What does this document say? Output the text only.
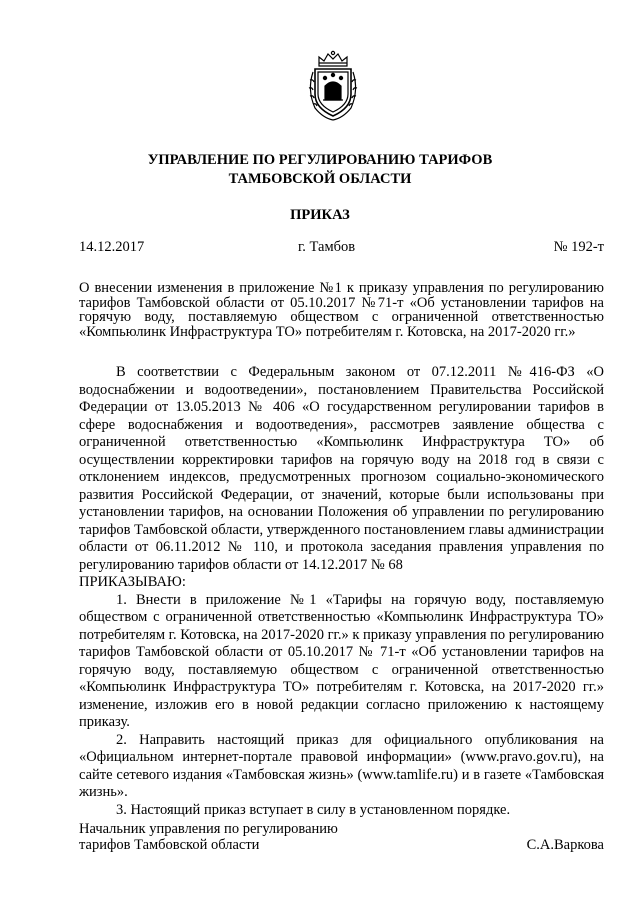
УПРАВЛЕНИЕ ПО РЕГУЛИРОВАНИЮ ТАРИФОВ
ТАМБОВСКОЙ ОБЛАСТИ
ПРИКАЗ
14.12.2017	г. Тамбов	№ 192-т
О внесении изменения в приложение №1 к приказу управления по регулированию тарифов Тамбовской области от 05.10.2017 №71-т «Об установлении тарифов на горячую воду, поставляемую обществом с ограниченной ответственностью «Компьюлинк Инфраструктура ТО» потребителям г. Котовска, на 2017-2020 гг.»

В соответствии с Федеральным законом от 07.12.2011 №416-ФЗ «О водоснабжении и водоотведении», постановлением Правительства Российской Федерации от 13.05.2013 № 406 «О государственном регулировании тарифов в сфере водоснабжения и водоотведения», рассмотрев заявление общества с ограниченной ответственностью «Компьюлинк Инфраструктура ТО» об осуществлении корректировки тарифов на горячую воду на 2018 год в связи с отклонением индексов, предусмотренных прогнозом социально-экономического развития Российской Федерации, от значений, которые были использованы при установлении тарифов, на основании Положения об управлении по регулированию тарифов Тамбовской области, утвержденного постановлением главы администрации области от 06.11.2012 № 110, и протокола заседания правления управления по регулированию тарифов области от 14.12.2017 № 68

ПРИКАЗЫВАЮ:

1. Внести в приложение №1 «Тарифы на горячую воду, поставляемую обществом с ограниченной ответственностью «Компьюлинк Инфраструктура ТО» потребителям г. Котовска, на 2017-2020 гг.» к приказу управления по регулированию тарифов Тамбовской области от 05.10.2017 № 71-т «Об установлении тарифов на горячую воду, поставляемую обществом с ограниченной ответственностью «Компьюлинк Инфраструктура ТО» потребителям г. Котовска, на 2017-2020 гг.» изменение, изложив его в новой редакции согласно приложению к настоящему приказу.

2. Направить настоящий приказ для официального опубликования на «Официальном интернет-портале правовой информации» (www.pravo.gov.ru), на сайте сетевого издания «Тамбовская жизнь» (www.tamlife.ru) и в газете «Тамбовская жизнь».

3. Настоящий приказ вступает в силу в установленном порядке.

Начальник управления по регулированию
тарифов Тамбовской области	С.А.Варкова
